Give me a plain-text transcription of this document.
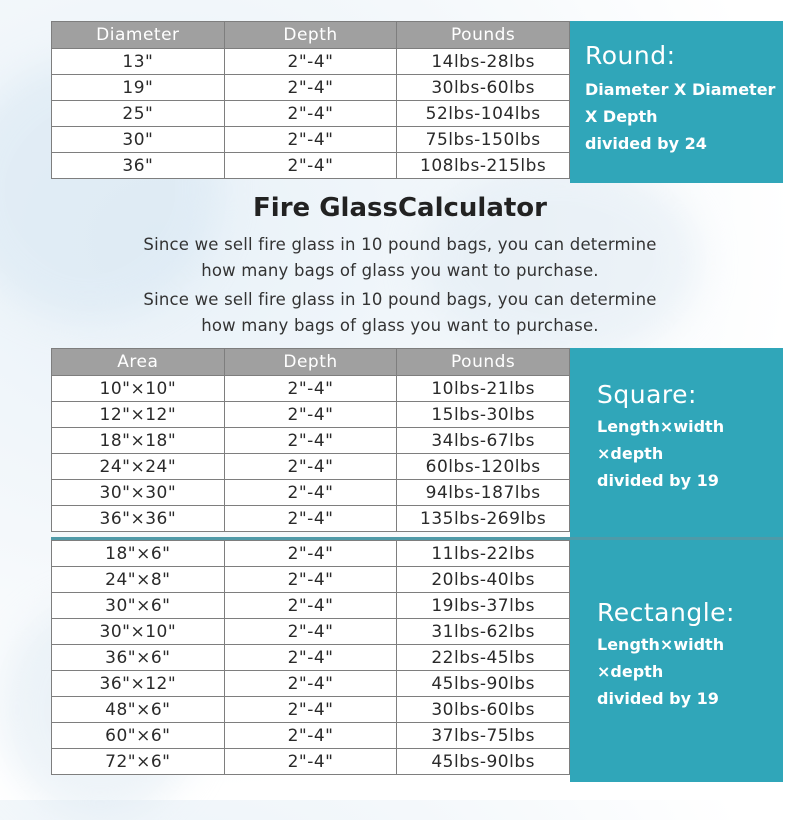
Diameter	Depth	Pounds
13"	2"-4"	14lbs-28lbs
19"	2"-4"	30lbs-60lbs
25"	2"-4"	52lbs-104lbs
30"	2"-4"	75lbs-150lbs
36"	2"-4"	108lbs-215lbs
Round:
Diameter X Diameter
X Depth
divided by 24
Fire GlassCalculator
Since we sell fire glass in 10 pound bags, you can determine
how many bags of glass you want to purchase.
Since we sell fire glass in 10 pound bags, you can determine
how many bags of glass you want to purchase.
Area	Depth	Pounds
10"×10"	2"-4"	10lbs-21lbs
12"×12"	2"-4"	15lbs-30lbs
18"×18"	2"-4"	34lbs-67lbs
24"×24"	2"-4"	60lbs-120lbs
30"×30"	2"-4"	94lbs-187lbs
36"×36"	2"-4"	135lbs-269lbs
Square:
Length×width
×depth
divided by 19
18"×6"	2"-4"	11lbs-22lbs
24"×8"	2"-4"	20lbs-40lbs
30"×6"	2"-4"	19lbs-37lbs
30"×10"	2"-4"	31lbs-62lbs
36"×6"	2"-4"	22lbs-45lbs
36"×12"	2"-4"	45lbs-90lbs
48"×6"	2"-4"	30lbs-60lbs
60"×6"	2"-4"	37lbs-75lbs
72"×6"	2"-4"	45lbs-90lbs
Rectangle:
Length×width
×depth
divided by 19
